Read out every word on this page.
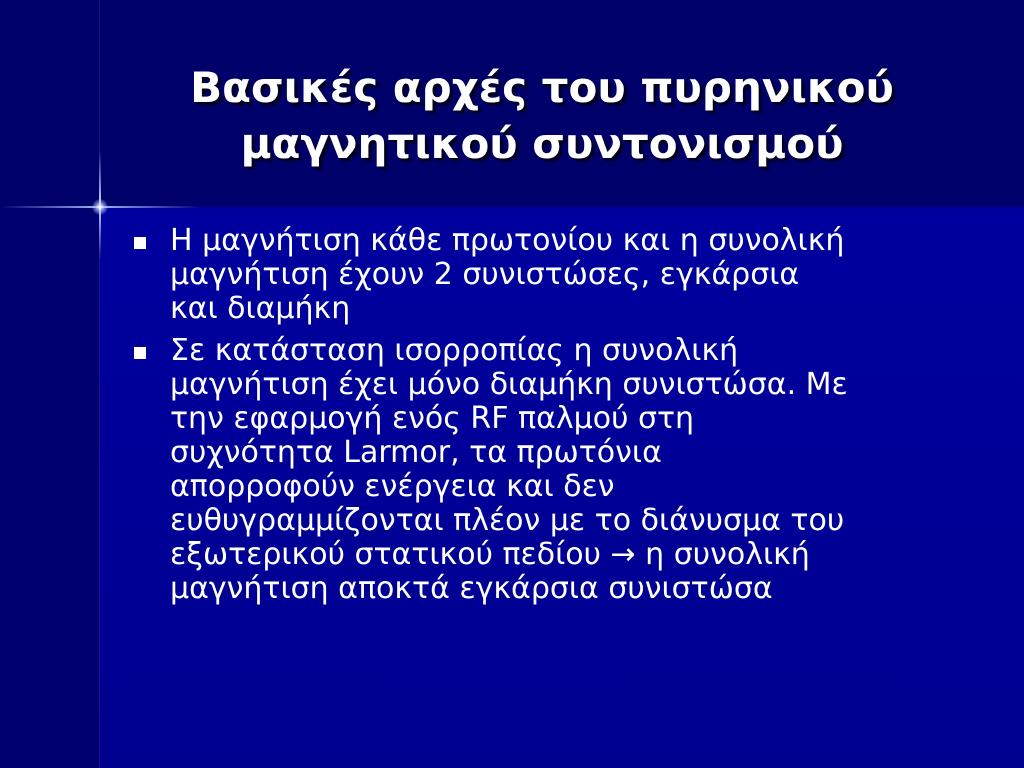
Βασικές αρχές του πυρηνικού
μαγνητικού συντονισμού
Η μαγνήτιση κάθε πρωτονίου και η συνολική
μαγνήτιση έχουν 2 συνιστώσες, εγκάρσια
και διαμήκη
Σε κατάσταση ισορροπίας η συνολική
μαγνήτιση έχει μόνο διαμήκη συνιστώσα. Με
την εφαρμογή ενός RF παλμού στη
συχνότητα Larmor, τα πρωτόνια
απορροφούν ενέργεια και δεν
ευθυγραμμίζονται πλέον με το διάνυσμα του
εξωτερικού στατικού πεδίου → η συνολική
μαγνήτιση αποκτά εγκάρσια συνιστώσα
